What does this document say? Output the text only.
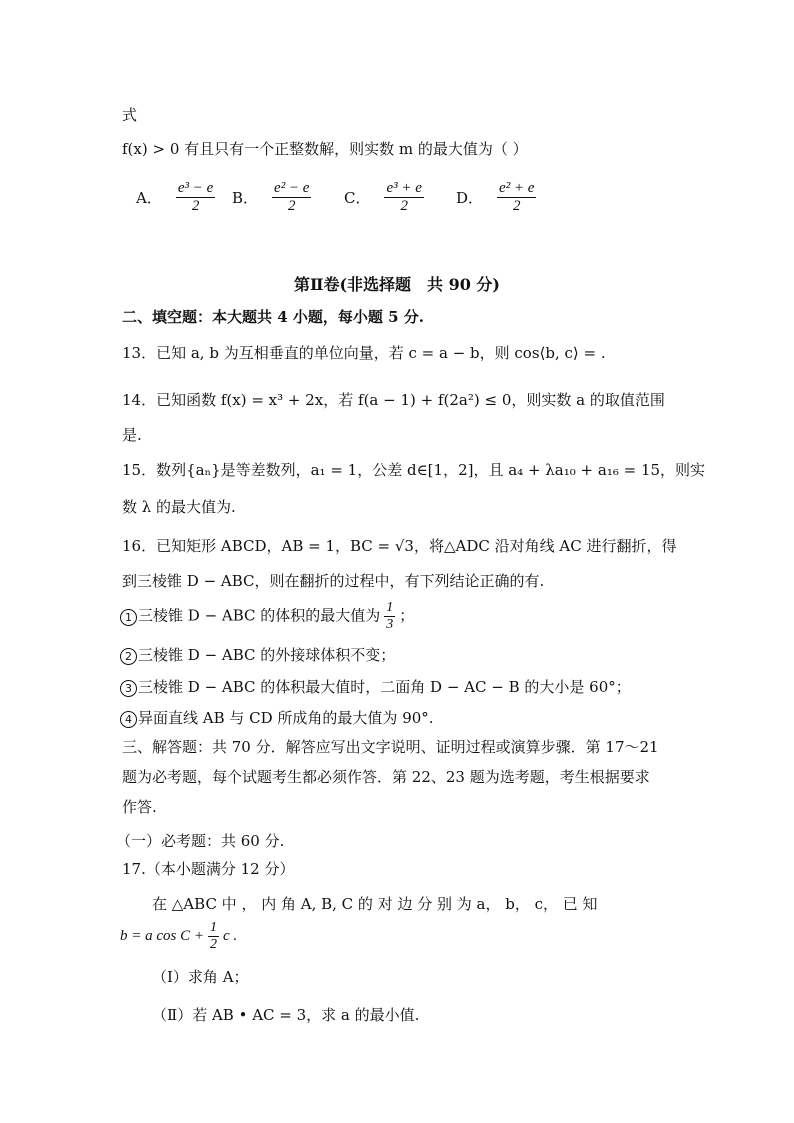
式
f(x) > 0 有且只有一个正整数解，则实数 m 的最大值为（ ）
A． $\frac{\text{e³ − e}}{2}$ B． $\frac{\text{e² − e}}{2}$ C． $\frac{\text{e³ + e}}{2}$ D． $\frac{\text{e² + e}}{2}$
第Ⅱ卷(非选择题　共 90 分)
二、填空题：本大题共 4 小题，每小题 5 分.
13．已知 a, b 为互相垂直的单位向量，若 c = a − b，则 cos⟨b, c⟩ = .
14．已知函数 f(x) = x³ + 2x，若 f(a − 1) + f(2a²) ≤ 0，则实数 a 的取值范围
是.
15．数列{aₙ}是等差数列，a₁ = 1，公差 d∈[1，2]，且 a₄ + λa₁₀ + a₁₆ = 15，则实
数 λ 的最大值为.
16．已知矩形 ABCD，AB = 1，BC = √3，将△ADC 沿对角线 AC 进行翻折，得
到三棱锥 D − ABC，则在翻折的过程中，有下列结论正确的有.
1 三棱锥 D − ABC 的体积的最大值为 $\frac{1}{3}$ ；
2 三棱锥 D − ABC 的外接球体积不变；
3 三棱锥 D − ABC 的体积最大值时，二面角 D − AC − B 的大小是 60°；
4 异面直线 AB 与 CD 所成角的最大值为 90°.
三、解答题：共 70 分．解答应写出文字说明、证明过程或演算步骤．第 17～21
题为必考题，每个试题考生都必须作答．第 22、23 题为选考题，考生根据要求
作答.
（一）必考题：共 60 分.
17.（本小题满分 12 分）
在 △ABC 中 ， 内 角 A, B, C 的 对 边 分 别 为 a， b， c， 已 知
b = a $\cos C + \frac{1}{2}$ c .
（Ⅰ）求角 A；
（Ⅱ）若 AB • AC = 3，求 a 的最小值.
